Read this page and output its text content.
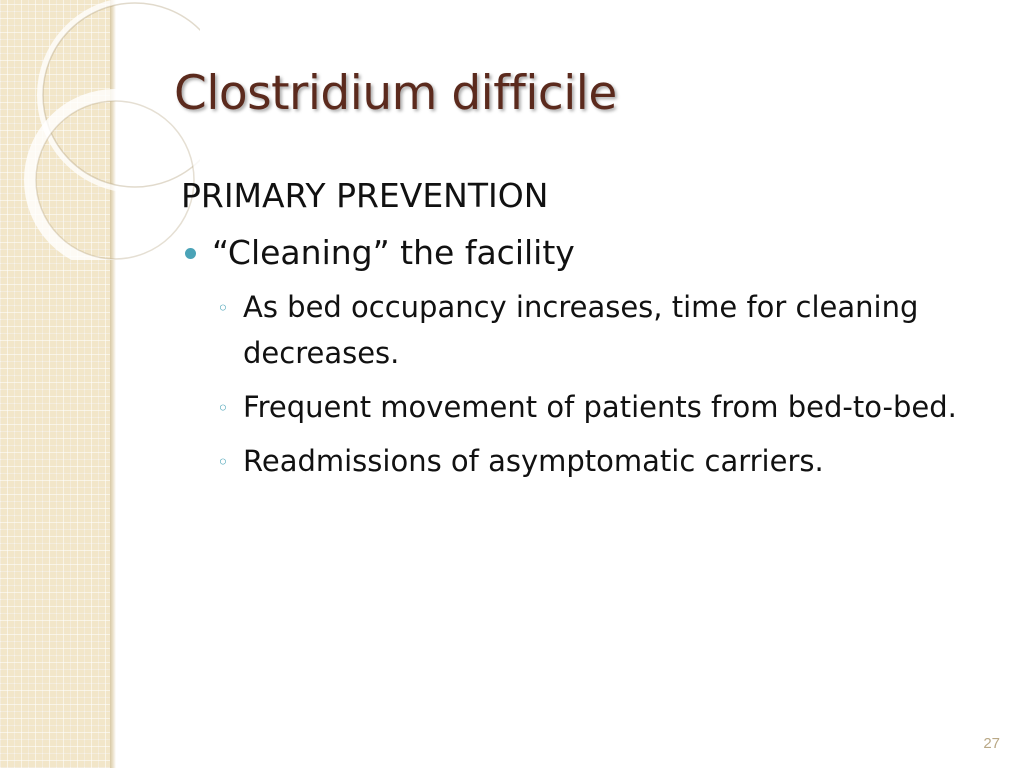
Clostridium difficile
PRIMARY PREVENTION
“Cleaning” the facility
◦ As bed occupancy increases, time for cleaning decreases.
◦ Frequent movement of patients from bed-to-bed.
◦ Readmissions of asymptomatic carriers.
27
